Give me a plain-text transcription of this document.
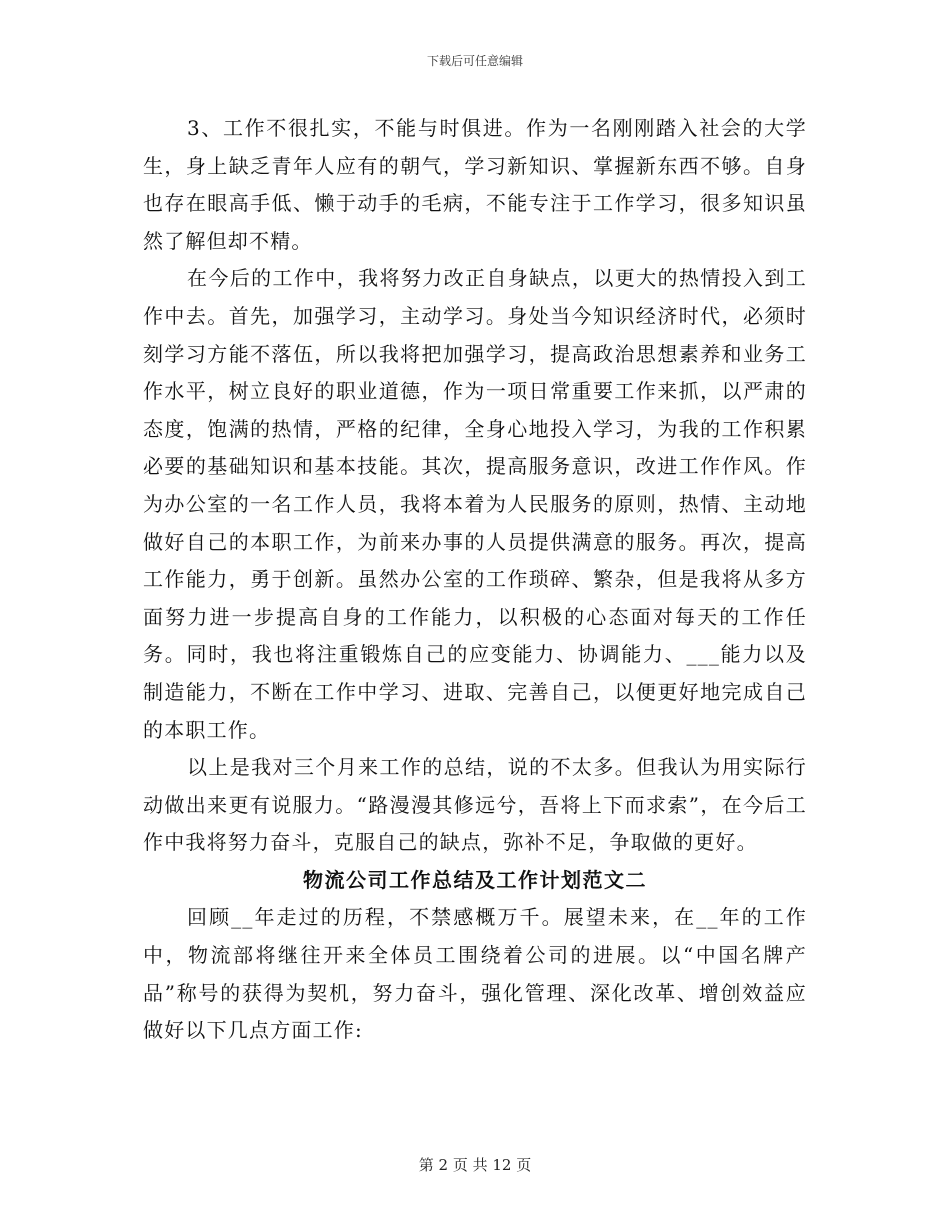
下载后可任意编辑

3、工作不很扎实，不能与时俱进。作为一名刚刚踏入社会的大学生，身上缺乏青年人应有的朝气，学习新知识、掌握新东西不够。自身也存在眼高手低、懒于动手的毛病，不能专注于工作学习，很多知识虽然了解但却不精。

在今后的工作中，我将努力改正自身缺点，以更大的热情投入到工作中去。首先，加强学习，主动学习。身处当今知识经济时代，必须时刻学习方能不落伍，所以我将把加强学习，提高政治思想素养和业务工作水平，树立良好的职业道德，作为一项日常重要工作来抓，以严肃的态度，饱满的热情，严格的纪律，全身心地投入学习，为我的工作积累必要的基础知识和基本技能。其次，提高服务意识，改进工作作风。作为办公室的一名工作人员，我将本着为人民服务的原则，热情、主动地做好自己的本职工作，为前来办事的人员提供满意的服务。再次，提高工作能力，勇于创新。虽然办公室的工作琐碎、繁杂，但是我将从多方面努力进一步提高自身的工作能力，以积极的心态面对每天的工作任务。同时，我也将注重锻炼自己的应变能力、协调能力、___能力以及制造能力，不断在工作中学习、进取、完善自己，以便更好地完成自己的本职工作。

以上是我对三个月来工作的总结，说的不太多。但我认为用实际行动做出来更有说服力。“路漫漫其修远兮，吾将上下而求索”，在今后工作中我将努力奋斗，克服自己的缺点，弥补不足，争取做的更好。

物流公司工作总结及工作计划范文二

回顾__年走过的历程，不禁感概万千。展望未来，在__年的工作中，物流部将继往开来全体员工围绕着公司的进展。以“中国名牌产品”称号的获得为契机，努力奋斗，强化管理、深化改革、增创效益应做好以下几点方面工作:

第 2 页 共 12 页
